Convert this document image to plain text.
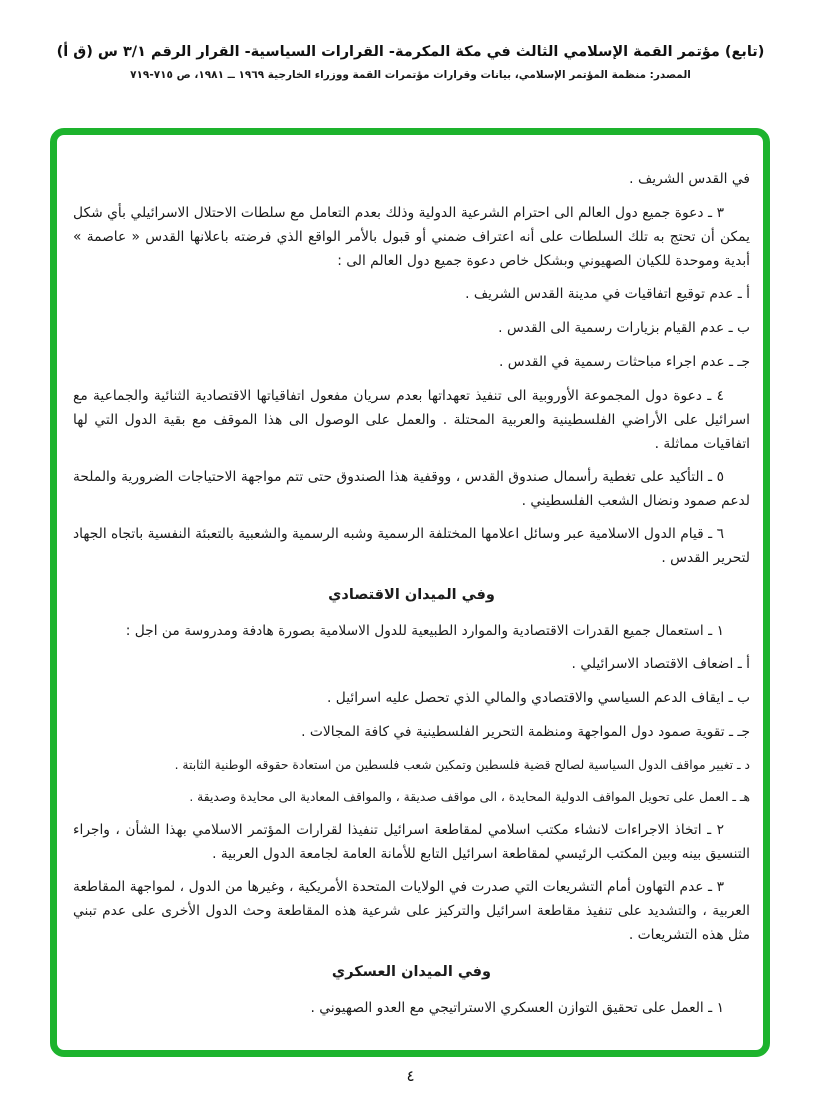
(تابع) مؤتمر القمة الإسلامي الثالث في مكة المكرمة- القرارات السياسية- القرار الرقم ٣/١ س (ق أ)
المصدر: منظمة المؤتمر الإسلامي، بيانات وقرارات مؤتمرات القمة ووزراء الخارجية ١٩٦٩ ــ ١٩٨١، ص ٧١٥-٧١٩
في القدس الشريف .
٣ ـ دعوة جميع دول العالم الى احترام الشرعية الدولية وذلك بعدم التعامل مع سلطات الاحتلال الاسرائيلي بأي شكل يمكن أن تحتج به تلك السلطات على أنه اعتراف ضمني أو قبول بالأمر الواقع الذي فرضته باعلانها القدس « عاصمة » أبدية وموحدة للكيان الصهيوني وبشكل خاص دعوة جميع دول العالم الى :
أ ـ عدم توقيع اتفاقيات في مدينة القدس الشريف .
ب ـ عدم القيام بزيارات رسمية الى القدس .
جـ ـ عدم اجراء مباحثات رسمية في القدس .
٤ ـ دعوة دول المجموعة الأوروبية الى تنفيذ تعهداتها بعدم سريان مفعول اتفاقياتها الاقتصادية الثنائية والجماعية مع اسرائيل على الأراضي الفلسطينية والعربية المحتلة . والعمل على الوصول الى هذا الموقف مع بقية الدول التي لها اتفاقيات مماثلة .
٥ ـ التأكيد على تغطية رأسمال صندوق القدس ، ووقفية هذا الصندوق حتى تتم مواجهة الاحتياجات الضرورية والملحة لدعم صمود ونضال الشعب الفلسطيني .
٦ ـ قيام الدول الاسلامية عبر وسائل اعلامها المختلفة الرسمية وشبه الرسمية والشعبية بالتعبئة النفسية باتجاه الجهاد لتحرير القدس .
وفي الميدان الاقتصادي
١ ـ استعمال جميع القدرات الاقتصادية والموارد الطبيعية للدول الاسلامية بصورة هادفة ومدروسة من اجل :
أ ـ اضعاف الاقتصاد الاسرائيلي .
ب ـ ايقاف الدعم السياسي والاقتصادي والمالي الذي تحصل عليه اسرائيل .
جـ ـ تقوية صمود دول المواجهة ومنظمة التحرير الفلسطينية في كافة المجالات .
د ـ تغيير مواقف الدول السياسية لصالح قضية فلسطين وتمكين شعب فلسطين من استعادة حقوقه الوطنية الثابتة .
هـ ـ العمل على تحويل المواقف الدولية المحايدة ، الى مواقف صديقة ، والمواقف المعادية الى محايدة وصديقة .
٢ ـ اتخاذ الاجراءات لانشاء مكتب اسلامي لمقاطعة اسرائيل تنفيذا لقرارات المؤتمر الاسلامي بهذا الشأن ، واجراء التنسيق بينه وبين المكتب الرئيسي لمقاطعة اسرائيل التابع للأمانة العامة لجامعة الدول العربية .
٣ ـ عدم التهاون أمام التشريعات التي صدرت في الولايات المتحدة الأمريكية ، وغيرها من الدول ، لمواجهة المقاطعة العربية ، والتشديد على تنفيذ مقاطعة اسرائيل والتركيز على شرعية هذه المقاطعة وحث الدول الأخرى على عدم تبني مثل هذه التشريعات .
وفي الميدان العسكري
١ ـ العمل على تحقيق التوازن العسكري الاستراتيجي مع العدو الصهيوني .
٤
